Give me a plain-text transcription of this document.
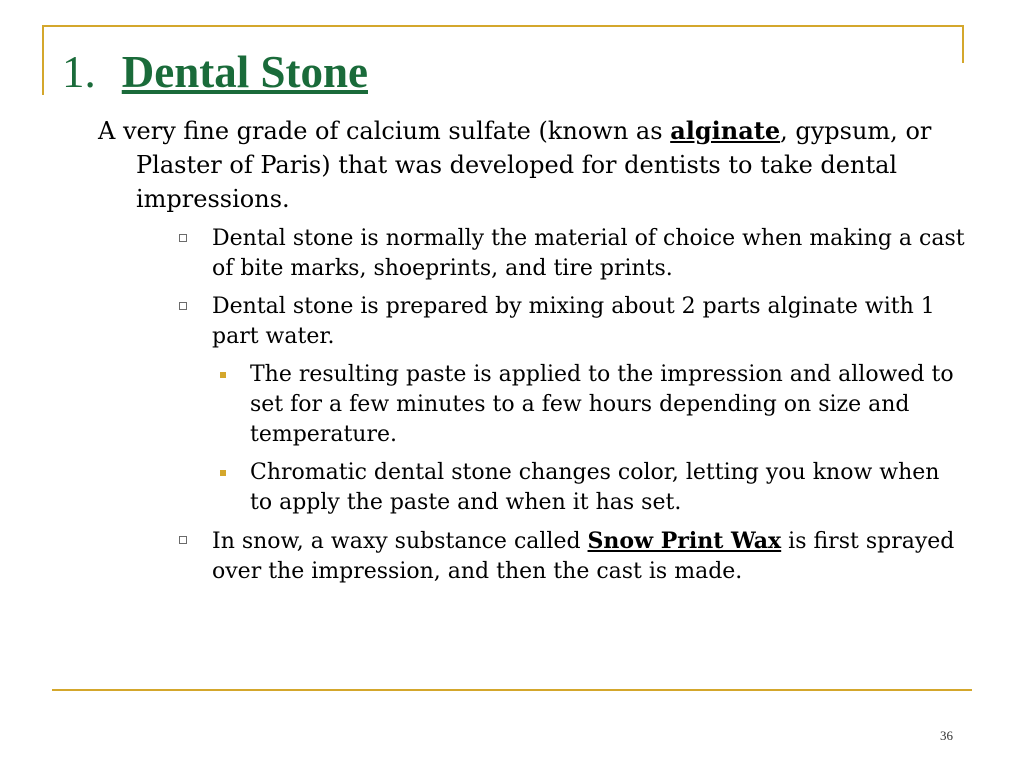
1. Dental Stone

A very fine grade of calcium sulfate (known as alginate, gypsum, or Plaster of Paris) that was developed for dentists to take dental impressions.

Dental stone is normally the material of choice when making a cast of bite marks, shoeprints, and tire prints.
Dental stone is prepared by mixing about 2 parts alginate with 1 part water.
The resulting paste is applied to the impression and allowed to set for a few minutes to a few hours depending on size and temperature.
Chromatic dental stone changes color, letting you know when to apply the paste and when it has set.
In snow, a waxy substance called Snow Print Wax is first sprayed over the impression, and then the cast is made.
36
